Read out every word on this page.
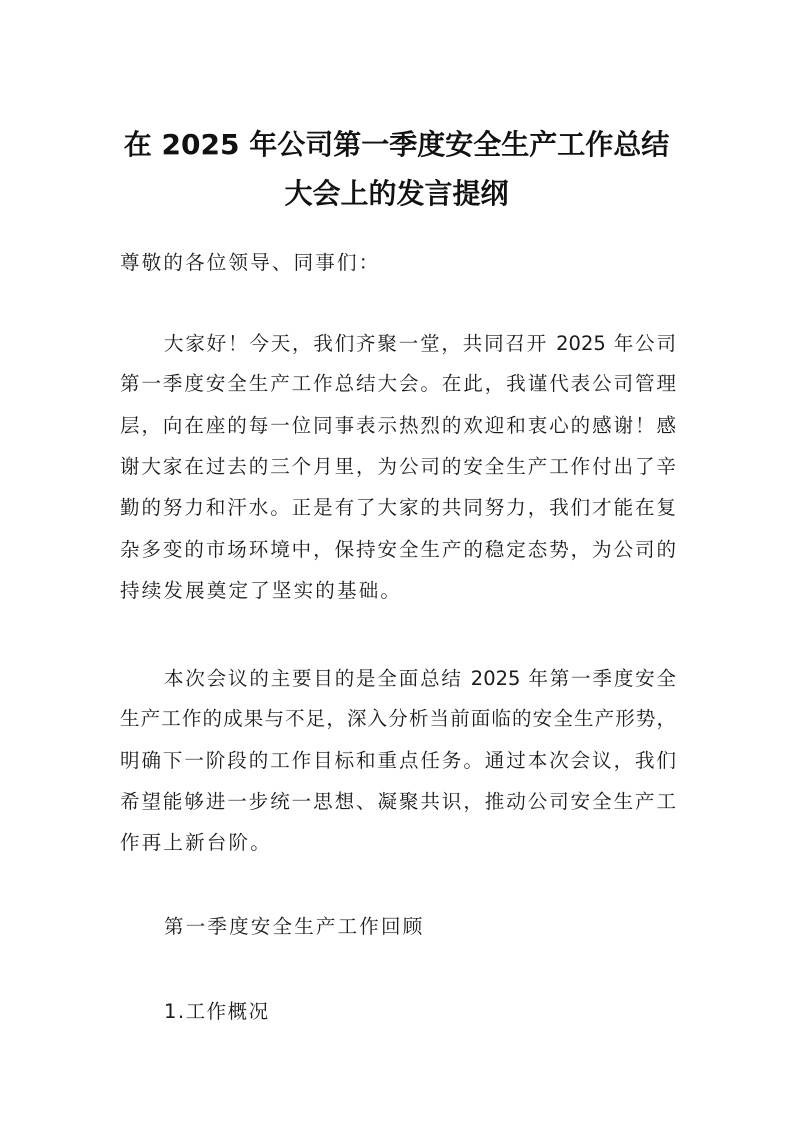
在 2025 年公司第一季度安全生产工作总结
大会上的发言提纲
尊敬的各位领导、同事们：
大家好！今天，我们齐聚一堂，共同召开 2025 年公司
第一季度安全生产工作总结大会。在此，我谨代表公司管理
层，向在座的每一位同事表示热烈的欢迎和衷心的感谢！感
谢大家在过去的三个月里，为公司的安全生产工作付出了辛
勤的努力和汗水。正是有了大家的共同努力，我们才能在复
杂多变的市场环境中，保持安全生产的稳定态势，为公司的
持续发展奠定了坚实的基础。
本次会议的主要目的是全面总结 2025 年第一季度安全
生产工作的成果与不足，深入分析当前面临的安全生产形势，
明确下一阶段的工作目标和重点任务。通过本次会议，我们
希望能够进一步统一思想、凝聚共识，推动公司安全生产工
作再上新台阶。
第一季度安全生产工作回顾
1.工作概况
